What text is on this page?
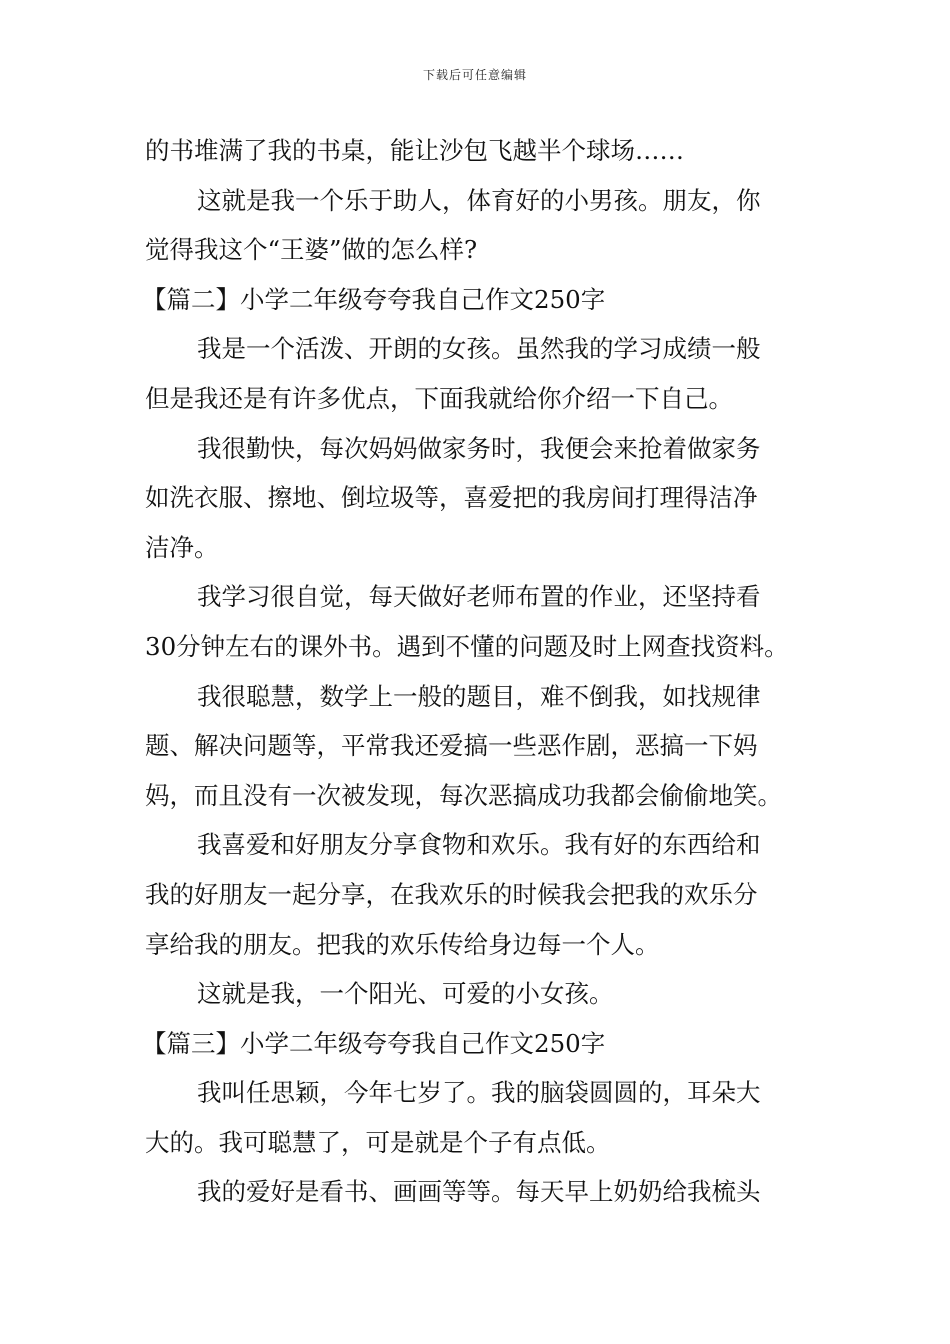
下载后可任意编辑
的书堆满了我的书桌，能让沙包飞越半个球场……
这就是我一个乐于助人，体育好的小男孩。朋友，你
觉得我这个“王婆”做的怎么样?
【篇二】小学二年级夸夸我自己作文250字
我是一个活泼、开朗的女孩。虽然我的学习成绩一般
但是我还是有许多优点，下面我就给你介绍一下自己。
我很勤快，每次妈妈做家务时，我便会来抢着做家务
如洗衣服、擦地、倒垃圾等，喜爱把的我房间打理得洁净
洁净。
我学习很自觉，每天做好老师布置的作业，还坚持看
30分钟左右的课外书。遇到不懂的问题及时上网查找资料。
我很聪慧，数学上一般的题目，难不倒我，如找规律
题、解决问题等，平常我还爱搞一些恶作剧，恶搞一下妈
妈，而且没有一次被发现，每次恶搞成功我都会偷偷地笑。
我喜爱和好朋友分享食物和欢乐。我有好的东西给和
我的好朋友一起分享，在我欢乐的时候我会把我的欢乐分
享给我的朋友。把我的欢乐传给身边每一个人。
这就是我，一个阳光、可爱的小女孩。
【篇三】小学二年级夸夸我自己作文250字
我叫任思颖，今年七岁了。我的脑袋圆圆的，耳朵大
大的。我可聪慧了，可是就是个子有点低。
我的爱好是看书、画画等等。每天早上奶奶给我梳头
